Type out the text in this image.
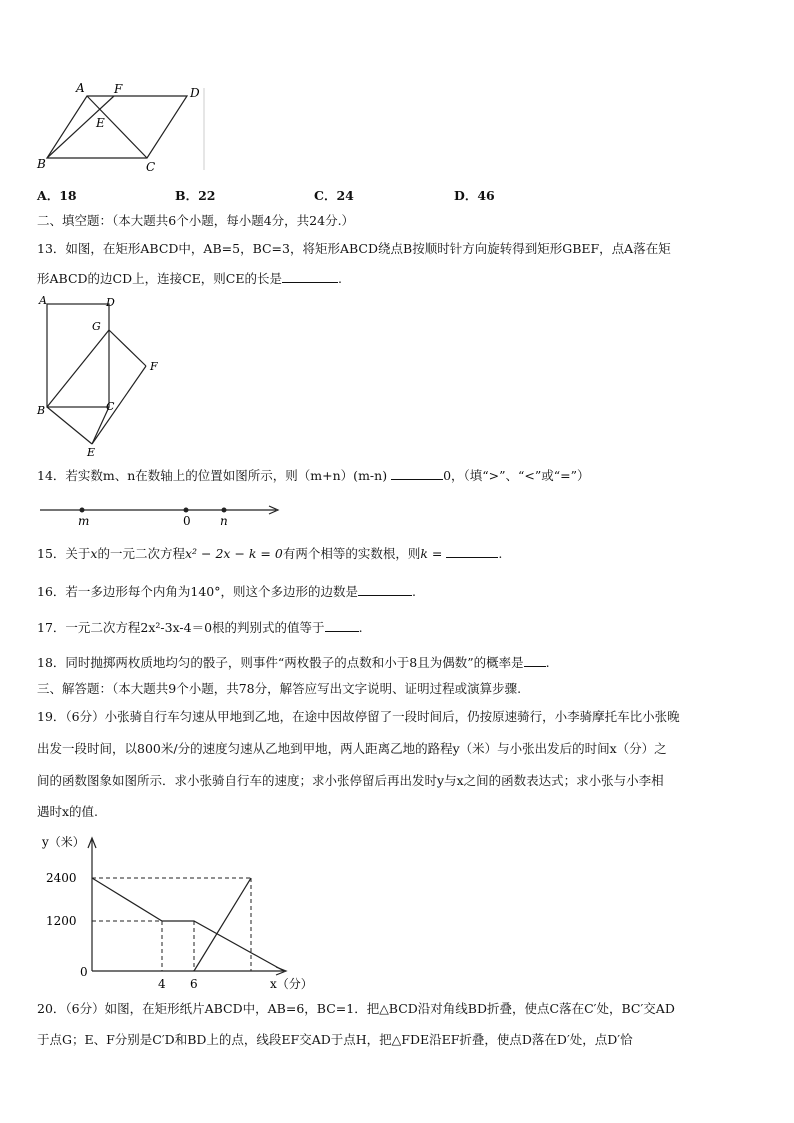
A F	D
E
B	C
A．18	B．22	C．24	D．46
二、填空题：（本大题共6个小题，每小题4分，共24分.）
13．如图，在矩形ABCD中，AB=5，BC=3，将矩形ABCD绕点B按顺时针方向旋转得到矩形GBEF，点A落在矩
形ABCD的边CD上，连接CE，则CE的长是	.
A	D
G
F
B	C
E
14．若实数m、n在数轴上的位置如图所示，则（m+n）(m-n)	0，（填“>”、“<”或“=”）
m	0 n
15．关于x的一元二次方程x² − 2x − k = 0有两个相等的实数根，则k =	.
16．若一多边形每个内角为140°，则这个多边形的边数是	.
17．一元二次方程2x²-3x-4＝0根的判别式的值等于	.
18．同时抛掷两枚质地均匀的骰子，则事件“两枚骰子的点数和小于8且为偶数”的概率是 .
三、解答题：（本大题共9个小题，共78分，解答应写出文字说明、证明过程或演算步骤.
19．（6分）小张骑自行车匀速从甲地到乙地，在途中因故停留了一段时间后，仍按原速骑行，小李骑摩托车比小张晚
出发一段时间，以800米/分的速度匀速从乙地到甲地，两人距离乙地的路程y（米）与小张出发后的时间x（分）之
间的函数图象如图所示．求小张骑自行车的速度；求小张停留后再出发时y与x之间的函数表达式；求小张与小李相
遇时x的值.
y（米）
x（分）
2400
1200
0
4 6
20．（6分）如图，在矩形纸片ABCD中，AB=6，BC=1．把△BCD沿对角线BD折叠，使点C落在C′处，BC′交AD
于点G；E、F分别是C′D和BD上的点，线段EF交AD于点H，把△FDE沿EF折叠，使点D落在D′处，点D′恰
